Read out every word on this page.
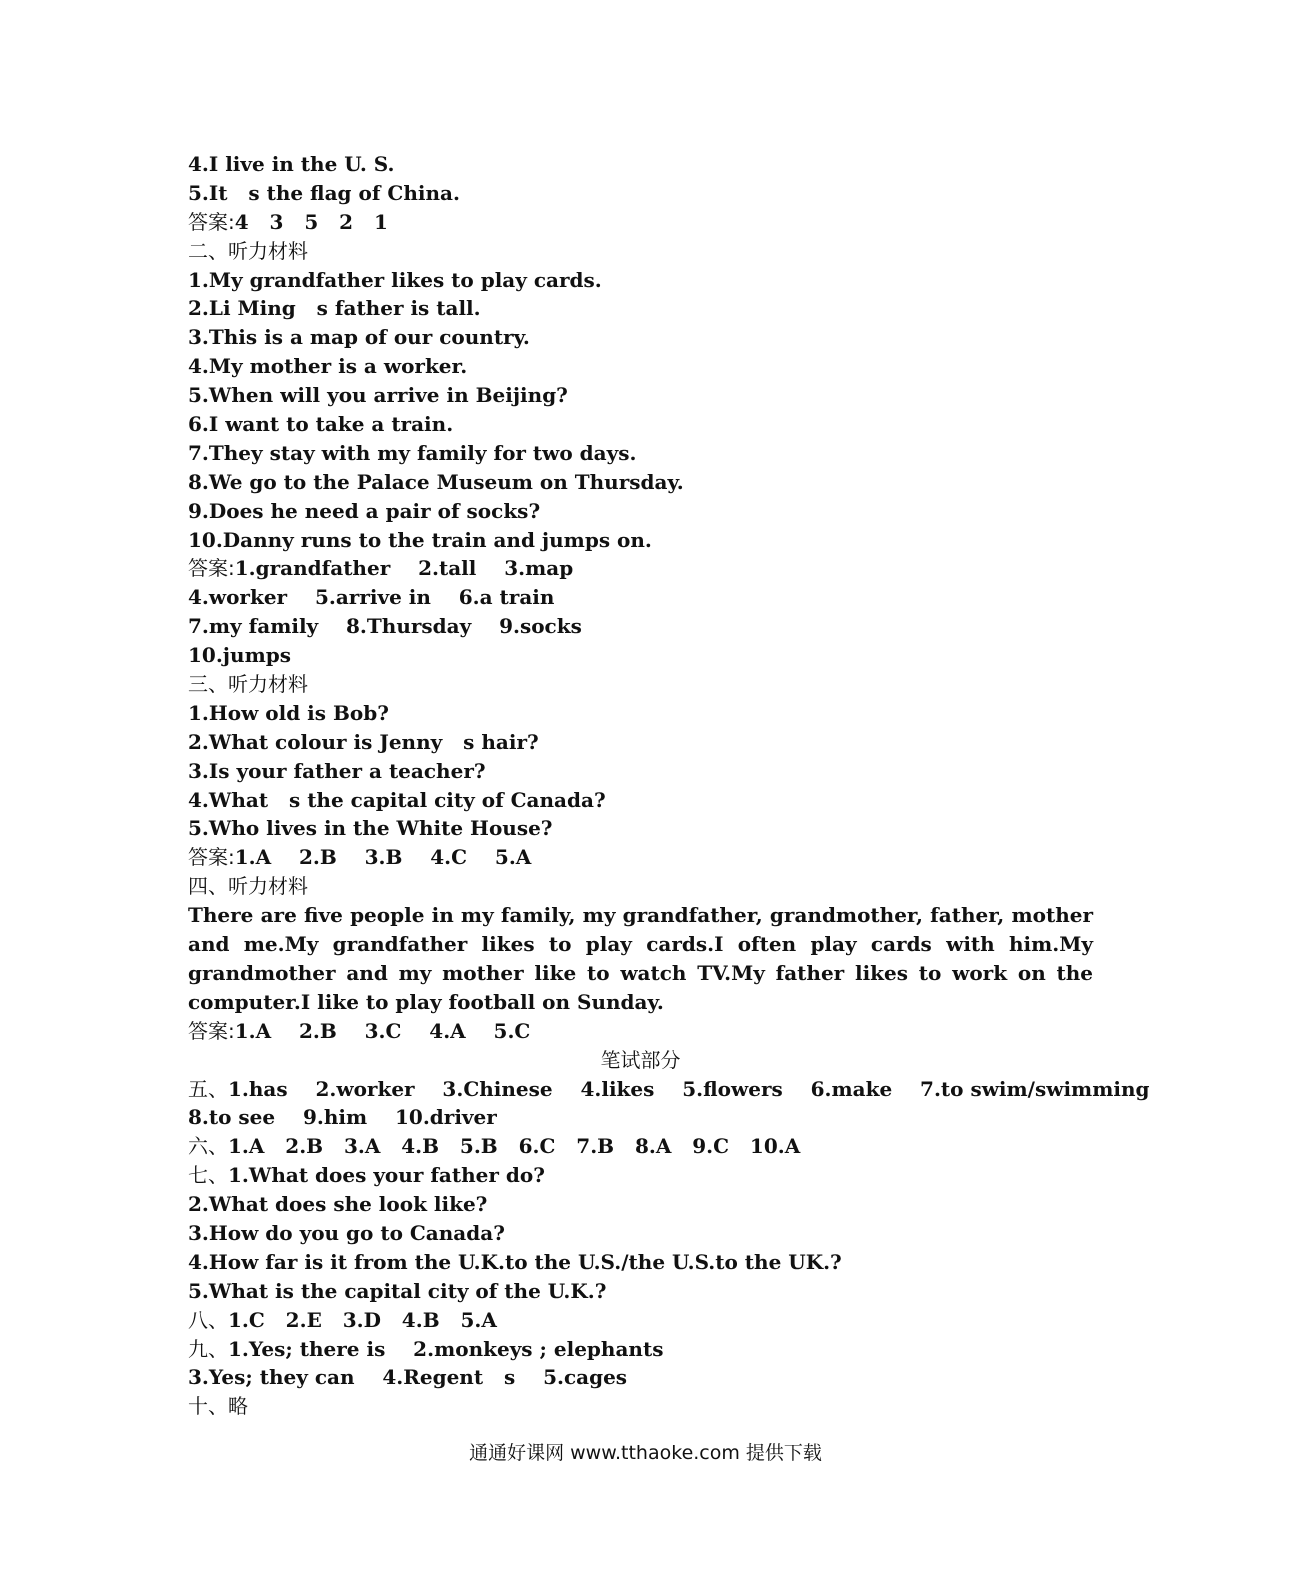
4.I live in the U. S.
5.It   s the flag of China.
答案:4   3   5   2   1
二、听力材料
1.My grandfather likes to play cards.
2.Li Ming   s father is tall.
3.This is a map of our country.
4.My mother is a worker.
5.When will you arrive in Beijing?
6.I want to take a train.
7.They stay with my family for two days.
8.We go to the Palace Museum on Thursday.
9.Does he need a pair of socks?
10.Danny runs to the train and jumps on.
答案:1.grandfather    2.tall    3.map
4.worker    5.arrive in    6.a train
7.my family    8.Thursday    9.socks
10.jumps
三、听力材料
1.How old is Bob?
2.What colour is Jenny   s hair?
3.Is your father a teacher?
4.What   s the capital city of Canada?
5.Who lives in the White House?
答案:1.A    2.B    3.B    4.C    5.A
四、听力材料
There are five people in my family, my grandfather, grandmother, father, mother and me.My grandfather likes to play cards.I often play cards with him.My grandmother and my mother like to watch TV.My father likes to work on the computer.I like to play football on Sunday.
答案:1.A    2.B    3.C    4.A    5.C
笔试部分
五、1.has    2.worker    3.Chinese    4.likes    5.flowers    6.make    7.to swim/swimming
8.to see    9.him    10.driver
六、1.A   2.B   3.A   4.B   5.B   6.C   7.B   8.A   9.C   10.A
七、1.What does your father do?
2.What does she look like?
3.How do you go to Canada?
4.How far is it from the U.K.to the U.S./the U.S.to the UK.?
5.What is the capital city of the U.K.?
八、1.C   2.E   3.D   4.B   5.A
九、1.Yes; there is    2.monkeys ; elephants
3.Yes; they can    4.Regent   s    5.cages
十、略
通通好课网 www.tthaoke.com 提供下载
